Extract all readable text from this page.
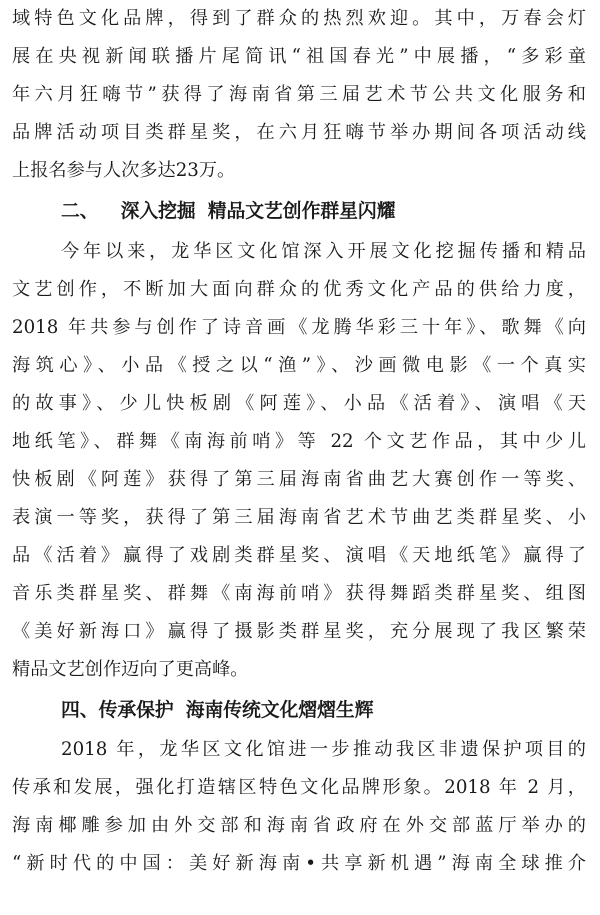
域特色文化品牌，得到了群众的热烈欢迎。其中，万春会灯
展在央视新闻联播片尾简讯“祖国春光”中展播，“多彩童
年六月狂嗨节”获得了海南省第三届艺术节公共文化服务和
品牌活动项目类群星奖，在六月狂嗨节举办期间各项活动线
上报名参与人次多达23万。
二、 深入挖掘 精品文艺创作群星闪耀
今年以来，龙华区文化馆深入开展文化挖掘传播和精品
文艺创作，不断加大面向群众的优秀文化产品的供给力度，
2018 年共参与创作了诗音画《龙腾华彩三十年》、歌舞《向
海筑心》、小品《授之以“渔”》、沙画微电影《一个真实
的故事》、少儿快板剧《阿莲》、小品《活着》、演唱《天
地纸笔》、群舞《南海前哨》等 22 个文艺作品，其中少儿
快板剧《阿莲》获得了第三届海南省曲艺大赛创作一等奖、
表演一等奖，获得了第三届海南省艺术节曲艺类群星奖、小
品《活着》赢得了戏剧类群星奖、演唱《天地纸笔》赢得了
音乐类群星奖、群舞《南海前哨》获得舞蹈类群星奖、组图
《美好新海口》赢得了摄影类群星奖，充分展现了我区繁荣
精品文艺创作迈向了更高峰。
四、传承保护 海南传统文化熠熠生辉
2018 年，龙华区文化馆进一步推动我区非遗保护项目的
传承和发展，强化打造辖区特色文化品牌形象。2018 年 2 月，
海南椰雕参加由外交部和海南省政府在外交部蓝厅举办的
“新时代的中国：美好新海南•共享新机遇”海南全球推介
